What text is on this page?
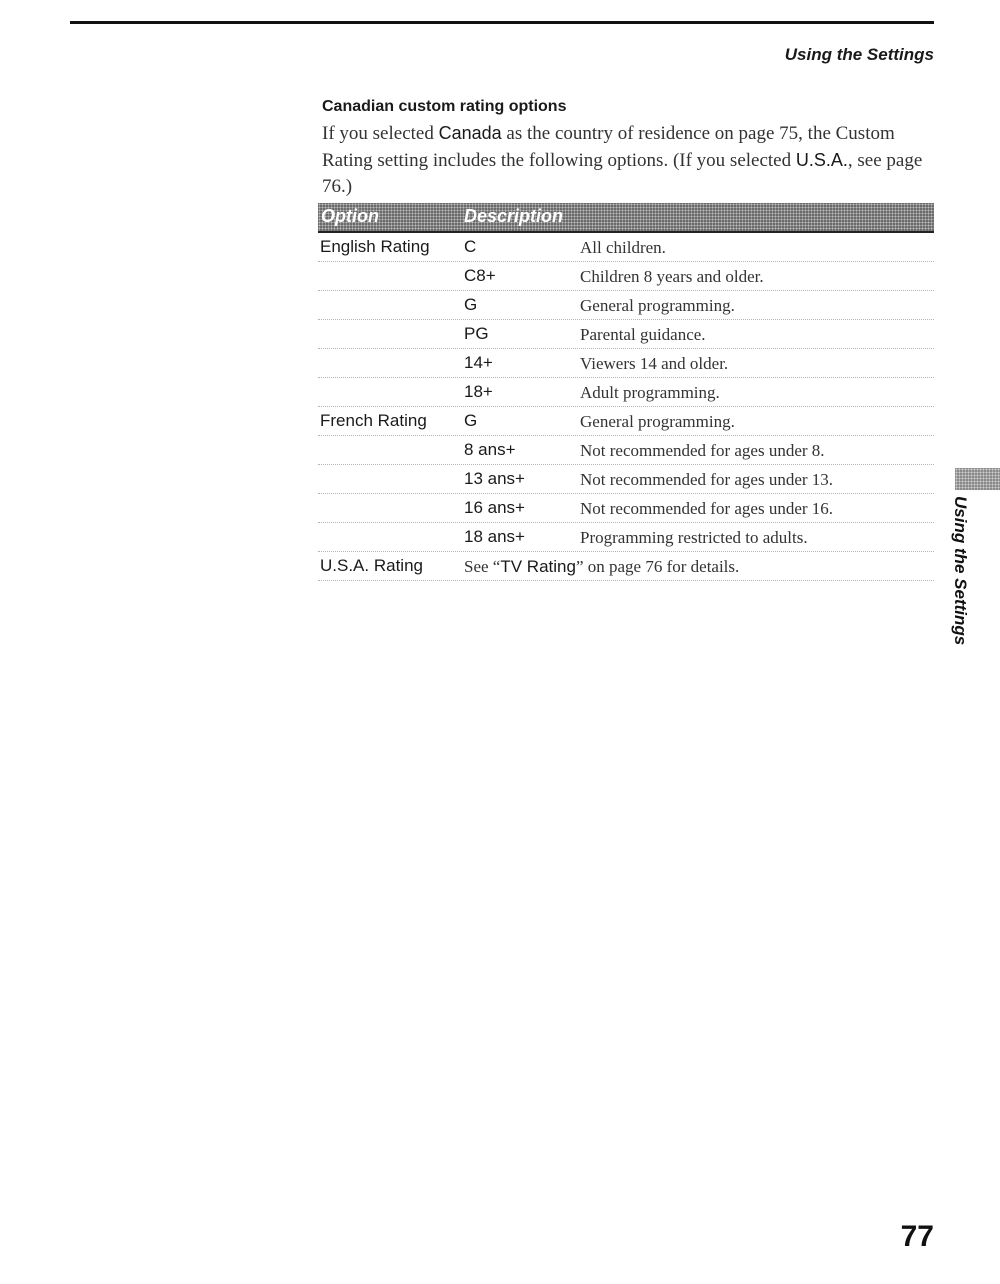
Using the Settings
Canadian custom rating options
If you selected Canada as the country of residence on page 75, the Custom Rating setting includes the following options. (If you selected U.S.A., see page 76.)
Option	Description
English Rating C	All children.
C8+	Children 8 years and older.
G	General programming.
PG	Parental guidance.
14+	Viewers 14 and older.
18+	Adult programming.
French Rating G	General programming.
8 ans+	Not recommended for ages under 8.
13 ans+	Not recommended for ages under 13.
16 ans+	Not recommended for ages under 16.
18 ans+	Programming restricted to adults.
U.S.A. Rating See “TV Rating” on page 76 for details.	Using the Settings
77
